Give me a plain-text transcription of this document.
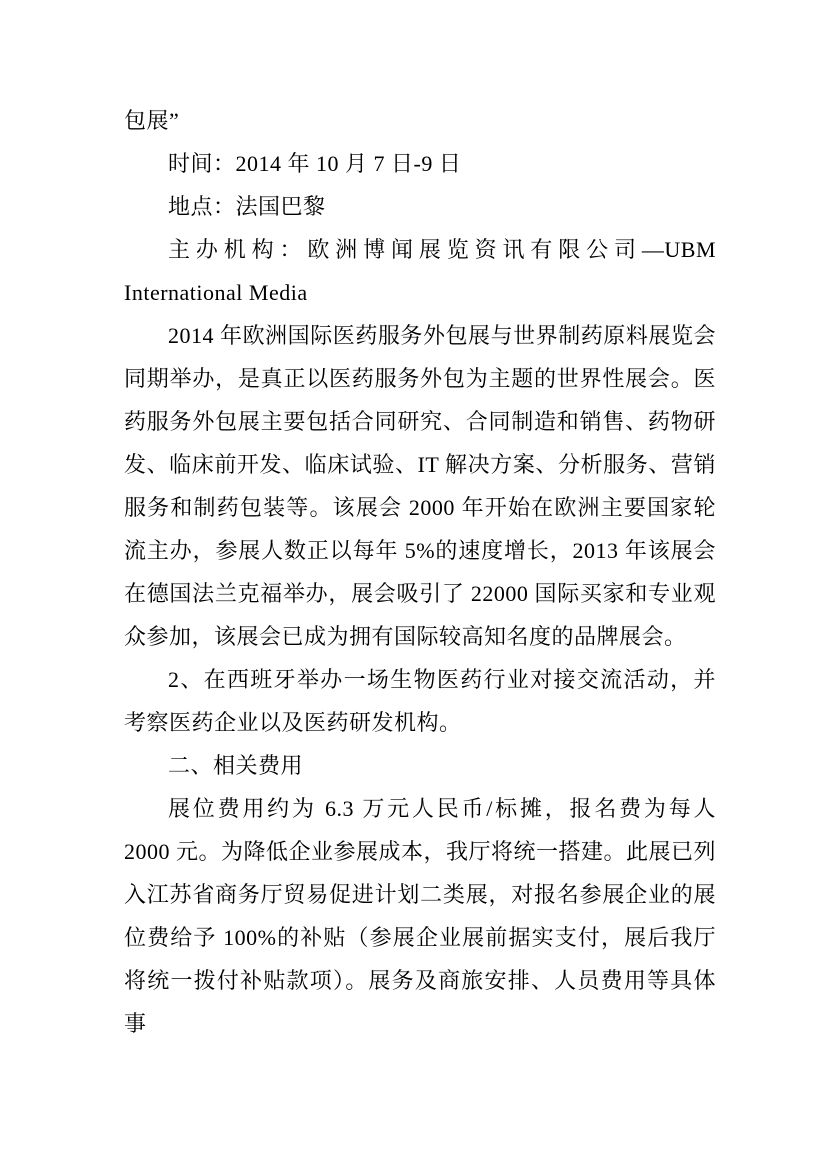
包展”

时间：2014 年 10 月 7 日-9 日

地点：法国巴黎

主办机构：欧洲博闻展览资讯有限公司—UBM International Media

2014 年欧洲国际医药服务外包展与世界制药原料展览会同期举办，是真正以医药服务外包为主题的世界性展会。医药服务外包展主要包括合同研究、合同制造和销售、药物研发、临床前开发、临床试验、IT 解决方案、分析服务、营销服务和制药包装等。该展会 2000 年开始在欧洲主要国家轮流主办，参展人数正以每年 5%的速度增长，2013 年该展会在德国法兰克福举办，展会吸引了 22000 国际买家和专业观众参加，该展会已成为拥有国际较高知名度的品牌展会。

2、在西班牙举办一场生物医药行业对接交流活动，并考察医药企业以及医药研发机构。

二、相关费用

展位费用约为 6.3 万元人民币/标摊，报名费为每人 2000 元。为降低企业参展成本，我厅将统一搭建。此展已列入江苏省商务厅贸易促进计划二类展，对报名参展企业的展位费给予 100%的补贴（参展企业展前据实支付，展后我厅将统一拨付补贴款项）。展务及商旅安排、人员费用等具体事
